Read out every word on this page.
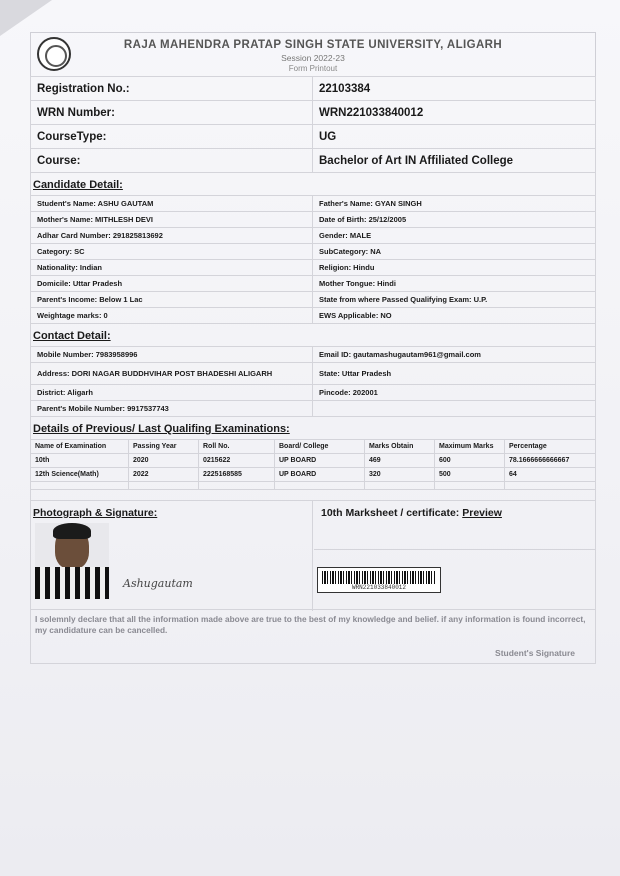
RAJA MAHENDRA PRATAP SINGH STATE UNIVERSITY, ALIGARH
Session 2022-23
Form Printout
Registration No.:	22103384
WRN Number:	WRN221033840012
CourseType:	UG
Course:	Bachelor of Art IN Affiliated College
Candidate Detail:
Student's Name: ASHU GAUTAM	Father's Name: GYAN SINGH
Mother's Name: MITHLESH DEVI	Date of Birth: 25/12/2005
Adhar Card Number: 291825813692	Gender: MALE
Category: SC	SubCategory: NA
Nationality: Indian	Religion: Hindu
Domicile: Uttar Pradesh	Mother Tongue: Hindi
Parent's Income: Below 1 Lac	State from where Passed Qualifying Exam: U.P.
Weightage marks: 0	EWS Applicable: NO
Contact Detail:
Mobile Number: 7983958996	Email ID: gautamashugautam961@gmail.com
Address: DORI NAGAR BUDDHVIHAR POST BHADESHI ALIGARH	State: Uttar Pradesh
District: Aligarh	Pincode: 202001
Parent's Mobile Number: 9917537743	
Details of Previous/ Last Qualifing Examinations:
Name of Examination	Passing Year	Roll No.	Board/ College	Marks Obtain	Maximum Marks	Percentage
10th	2020	0215622	UP BOARD	469	600	78.1666666666667
12th Science(Math)	2022	2225168585	UP BOARD	320	500	64

Photograph & Signature:
Ashugautam
10th Marksheet / certificate: Preview
WRN221033840012
I solemnly declare that all the information made above are true to the best of my knowledge and belief. if any information is found incorrect, my candidature can be cancelled.
Student's Signature
